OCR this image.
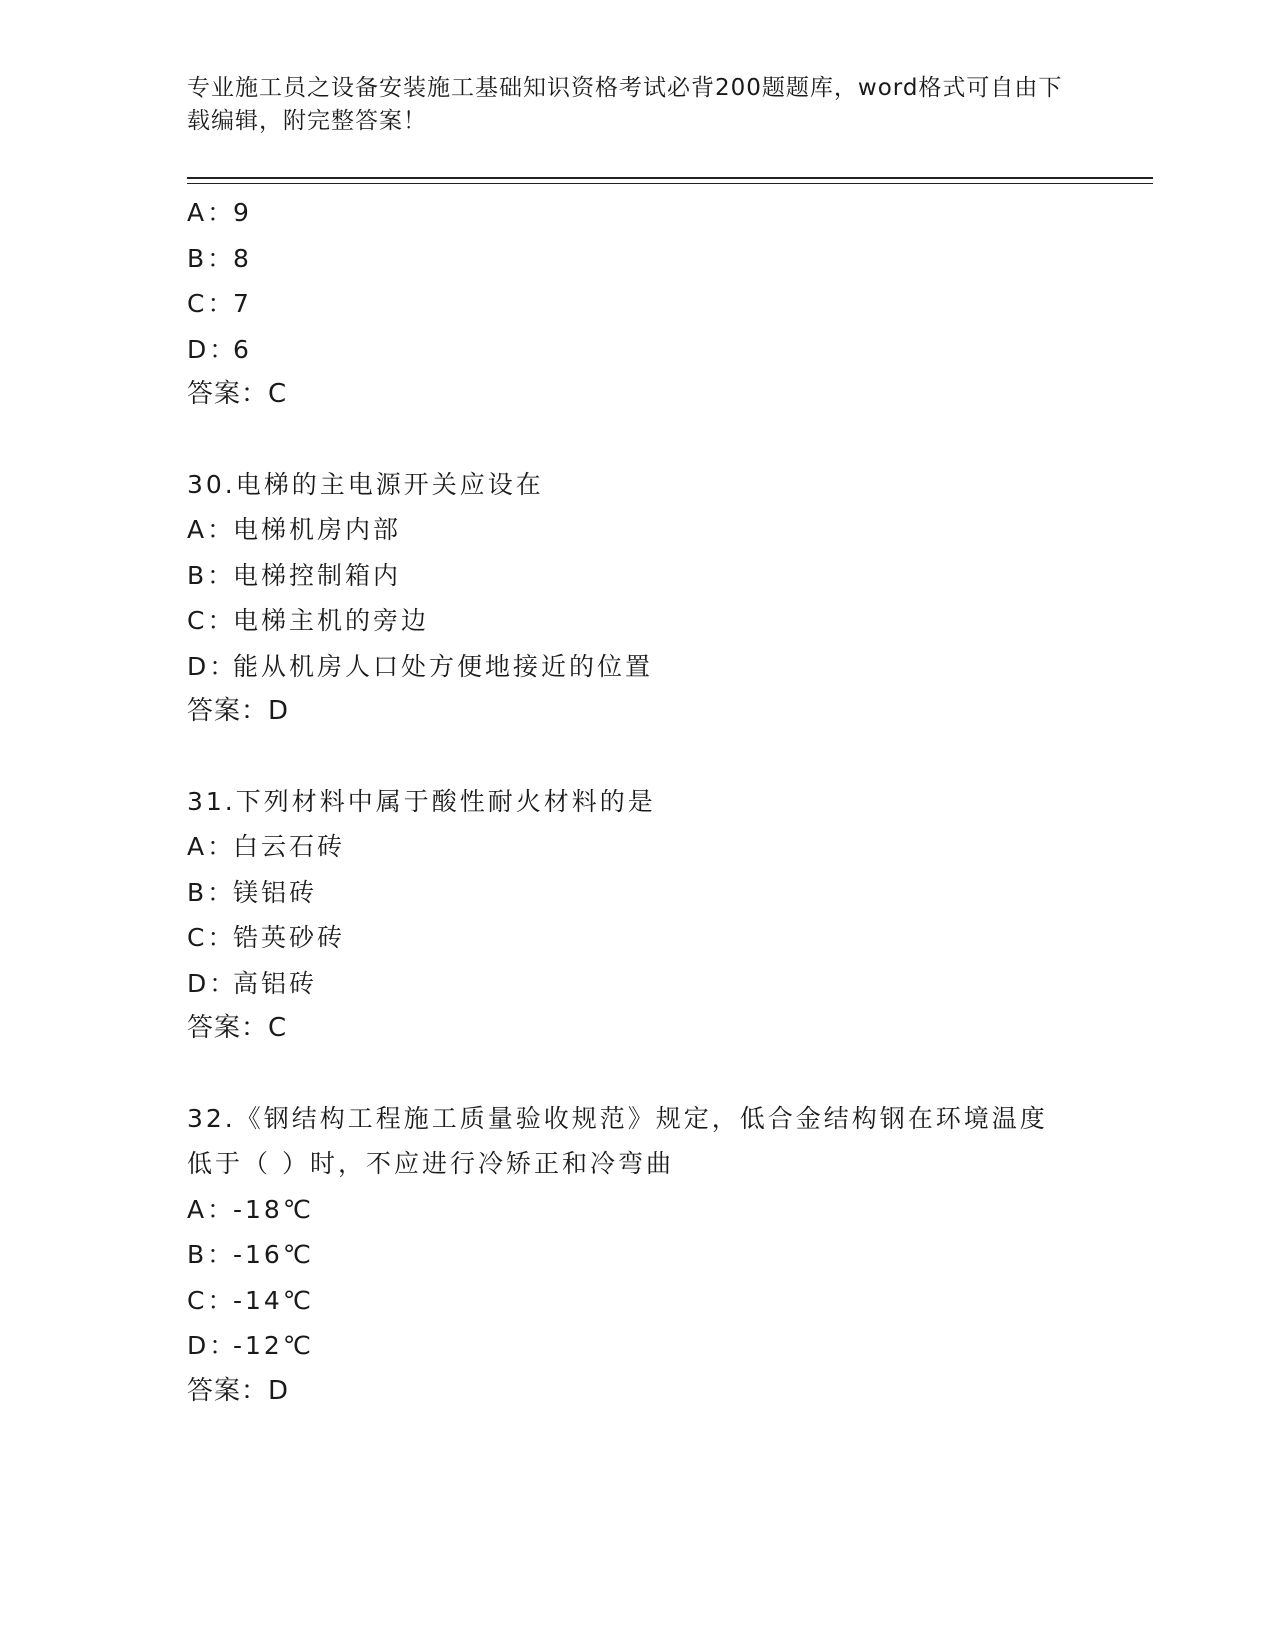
专业施工员之设备安装施工基础知识资格考试必背200题题库，word格式可自由下载编辑，附完整答案！
A：9
B：8
C：7
D：6
答案：C
30.电梯的主电源开关应设在
A：电梯机房内部
B：电梯控制箱内
C：电梯主机的旁边
D：能从机房人口处方便地接近的位置
答案：D
31.下列材料中属于酸性耐火材料的是
A：白云石砖
B：镁铝砖
C：锆英砂砖
D：高铝砖
答案：C
32.《钢结构工程施工质量验收规范》规定，低合金结构钢在环境温度低于（ ）时，不应进行冷矫正和冷弯曲
A：-18℃
B：-16℃
C：-14℃
D：-12℃
答案：D
